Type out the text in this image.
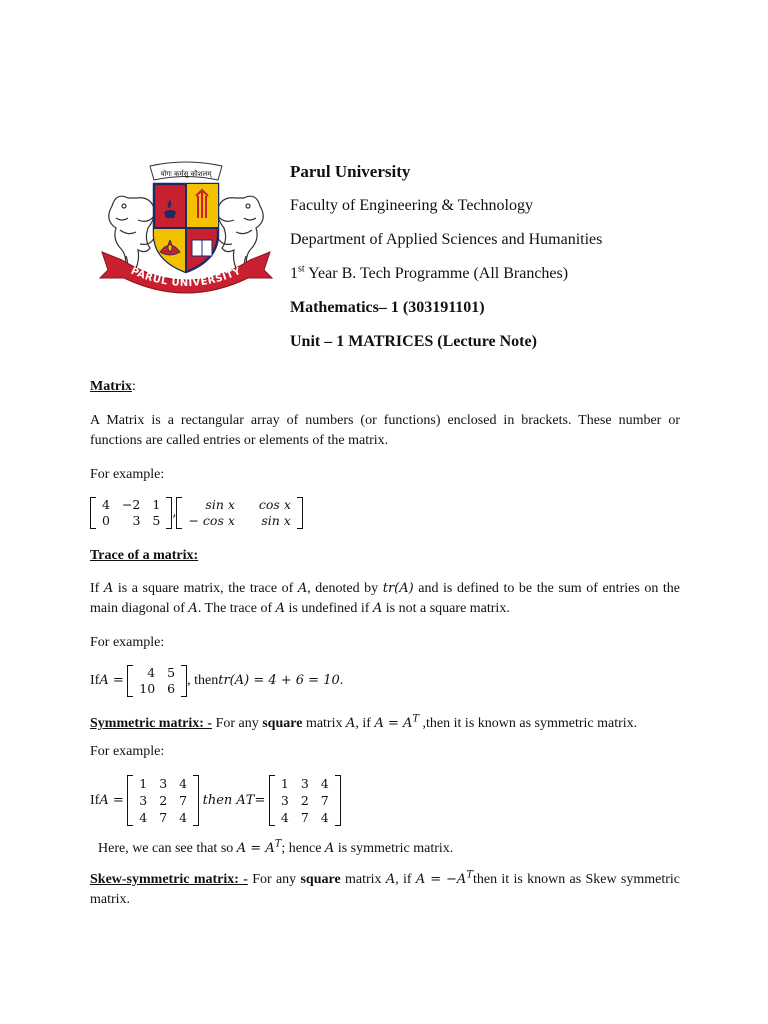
योगः कर्मसु कौशलम्
PARUL UNIVERSITY
Parul University
Faculty of Engineering & Technology
Department of Applied Sciences and Humanities
1st Year B. Tech Programme (All Branches)
Mathematics– 1 (303191101)
Unit – 1 MATRICES (Lecture Note)
Matrix:
A Matrix is a rectangular array of numbers (or functions) enclosed in brackets. These number or functions are called entries or elements of the matrix.
For example:
4	−2	1
0	3	5
,
sin x	cos x
− cos x	sin x
Trace of a matrix:
If A is a square matrix, the trace of A, denoted by tr(A) and is defined to be the sum of entries on the main diagonal of A. The trace of A is undefined if A is not a square matrix.
For example:
If A =

4	5
10	6
, then tr(A) = 4 + 6 = 10 .
Symmetric matrix: - For any square matrix A, if $A = A^T$ ,then it is known as symmetric matrix.
For example:
If A =

1	3	4
3	2	7
4	7	4

then A T =

1	3	4
3	2	7
4	7	4
Here, we can see that so $A = A^T$; hence A is symmetric matrix.
Skew-symmetric matrix: - For any square matrix A, if $A = -A^Tthen$ it is known as Skew symmetric matrix.
